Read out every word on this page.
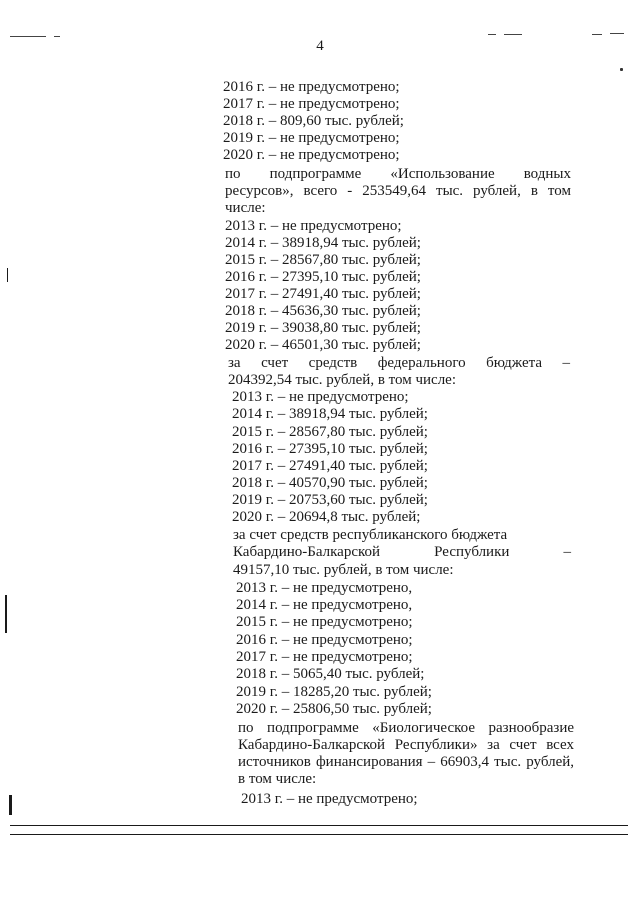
4
2016 г. – не предусмотрено;
2017 г. – не предусмотрено;
2018 г. – 809,60 тыс. рублей;
2019 г. – не предусмотрено;
2020 г. – не предусмотрено;
по подпрограмме «Использование водных
ресурсов», всего - 253549,64 тыс. рублей, в том
числе:
2013 г. – не предусмотрено;
2014 г. – 38918,94 тыс. рублей;
2015 г. – 28567,80 тыс. рублей;
2016 г. – 27395,10 тыс. рублей;
2017 г. – 27491,40 тыс. рублей;
2018 г. – 45636,30 тыс. рублей;
2019 г. – 39038,80 тыс. рублей;
2020 г. – 46501,30 тыс. рублей;
за счет средств федерального бюджета –
204392,54 тыс. рублей, в том числе:
2013 г. – не предусмотрено;
2014 г. – 38918,94 тыс. рублей;
2015 г. – 28567,80 тыс. рублей;
2016 г. – 27395,10 тыс. рублей;
2017 г. – 27491,40 тыс. рублей;
2018 г. – 40570,90 тыс. рублей;
2019 г. – 20753,60 тыс. рублей;
2020 г. – 20694,8 тыс. рублей;
за счет средств республиканского бюджета
Кабардино-Балкарской Республики –
49157,10 тыс. рублей, в том числе:
2013 г. – не предусмотрено,
2014 г. – не предусмотрено,
2015 г. – не предусмотрено;
2016 г. – не предусмотрено;
2017 г. – не предусмотрено;
2018 г. – 5065,40 тыс. рублей;
2019 г. – 18285,20 тыс. рублей;
2020 г. – 25806,50 тыс. рублей;
по подпрограмме «Биологическое разнообразие
Кабардино-Балкарской Республики» за счет всех
источников финансирования – 66903,4 тыс. рублей,
в том числе:
2013 г. – не предусмотрено;
